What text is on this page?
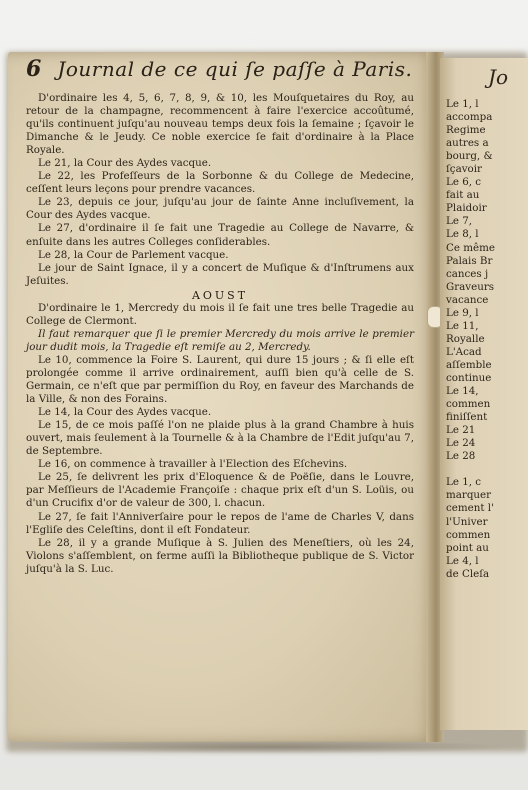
6 Journal de ce qui ſe paſſe à Paris.

D'ordinaire les 4, 5, 6, 7, 8, 9, & 10, les Mouſquetaires du Roy, au retour de la champagne, recommencent à faire l'exercice accoûtumé, qu'ils continuent juſqu'au nouveau temps deux fois la ſemaine ; ſçavoir le Dimanche & le Jeudy. Ce noble exercice ſe fait d'ordinaire à la Place Royale.

Le 21, la Cour des Aydes vacque.

Le 22, les Profeſſeurs de la Sorbonne & du College de Medecine, ceſſent leurs leçons pour prendre vacances.

Le 23, depuis ce jour, juſqu'au jour de ſainte Anne incluſivement, la Cour des Aydes vacque.

Le 27, d'ordinaire il ſe fait une Tragedie au College de Navarre, & enſuite dans les autres Colleges conſiderables.

Le 28, la Cour de Parlement vacque.

Le jour de Saint Ignace, il y a concert de Muſique & d'Inſtrumens aux Jeſuites.

AOUST

D'ordinaire le 1, Mercredy du mois il ſe fait une tres belle Tragedie au College de Clermont.

Il faut remarquer que ſi le premier Mercredy du mois arrive le premier jour dudit mois, la Tragedie eſt remiſe au 2, Mercredy.

Le 10, commence la Foire S. Laurent, qui dure 15 jours ; & ſi elle eſt prolongée comme il arrive ordinairement, auſſi bien qu'à celle de S. Germain, ce n'eſt que par permiſſion du Roy, en faveur des Marchands de la Ville, & non des Forains.

Le 14, la Cour des Aydes vacque.

Le 15, de ce mois paſſé l'on ne plaide plus à la grand Chambre à huis ouvert, mais ſeulement à la Tournelle & à la Chambre de l'Edit juſqu'au 7, de Septembre.

Le 16, on commence à travailler à l'Election des Eſchevins.

Le 25, ſe delivrent les prix d'Eloquence & de Poëſie, dans le Louvre, par Meſſieurs de l'Academie Françoiſe : chaque prix eſt d'un S. Loüis, ou d'un Crucifix d'or de valeur de 300, l. chacun.

Le 27, ſe fait l'Anniverſaire pour le repos de l'ame de Charles V, dans l'Egliſe des Celeſtins, dont il eſt Fondateur.

Le 28, il y a grande Muſique à S. Julien des Meneſtiers, où les 24, Violons s'aſſemblent, on ferme auſſi la Bibliotheque publique de S. Victor juſqu'à la S. Luc.

Jo
Le 1, l
accompa
Regime
autres a
bourg, &
ſçavoir
Le 6, c
fait au
Plaidoir
Le 7,
Le 8, l
Ce même
Palais Br
cances j
Graveurs
vacance
Le 9, l
Le 11,
Royalle
L'Acad
aſſemble
continue
Le 14,
commen
finiſſent
Le 21
Le 24
Le 28
Le 1, c
marquer
cement l'
l'Univer
commen
point au
Le 4, l
de Cleſa
